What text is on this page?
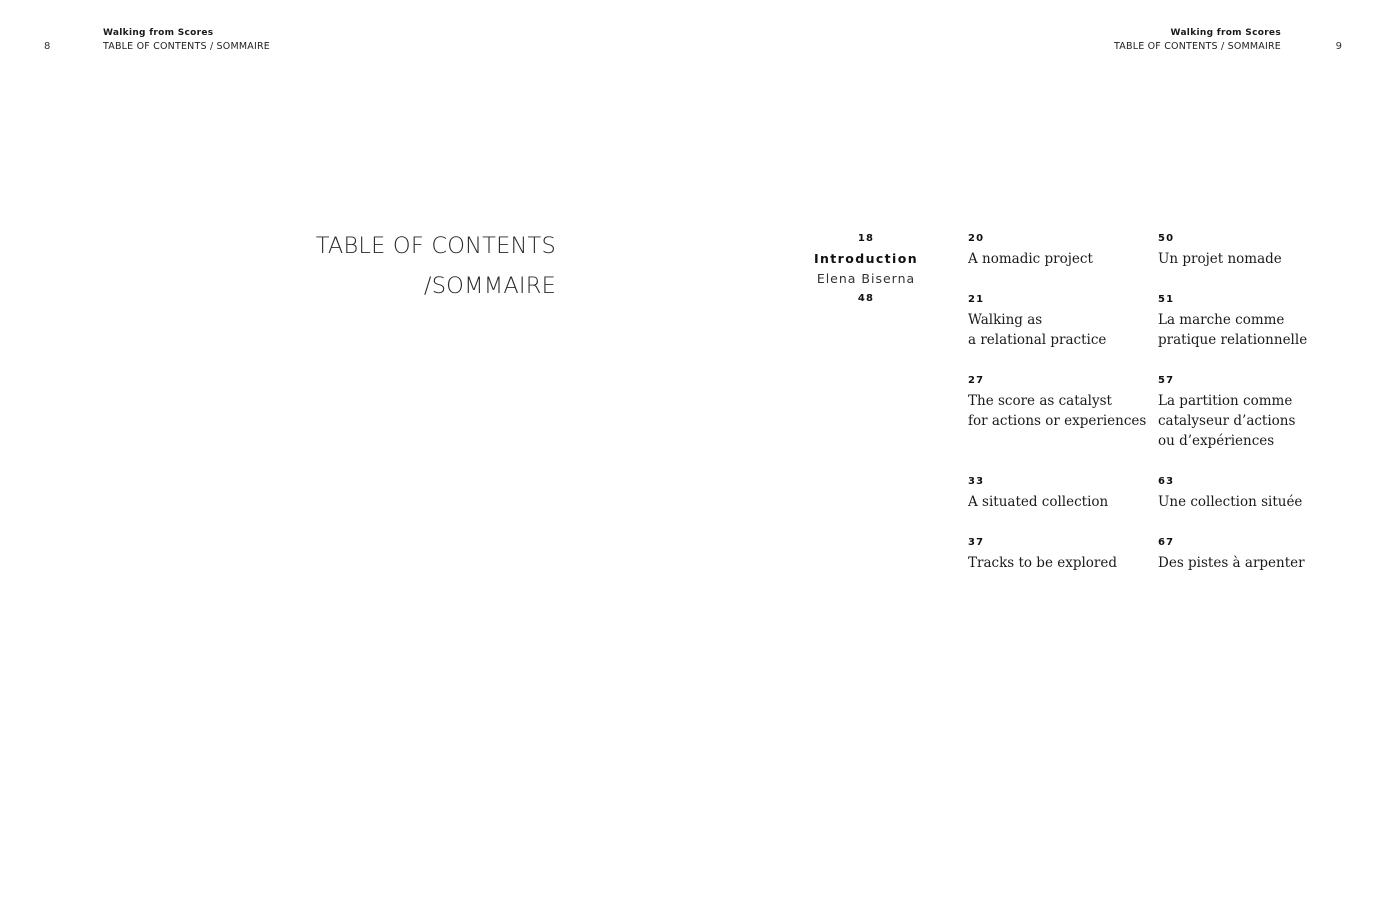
8
Walking from Scores
TABLE OF CONTENTS / SOMMAIRE
Walking from Scores
TABLE OF CONTENTS / SOMMAIRE	9
TABLE OF CONTENTS
/SOMMAIRE
18
Introduction
Elena Biserna
48
20
A nomadic project
21
Walking as
a relational practice
27
The score as catalyst
for actions or experiences
33
A situated collection
37
Tracks to be explored
50
Un projet nomade
51
La marche comme
pratique relationnelle
57
La partition comme
catalyseur d’actions
ou d’expériences
63
Une collection située
67
Des pistes à arpenter
